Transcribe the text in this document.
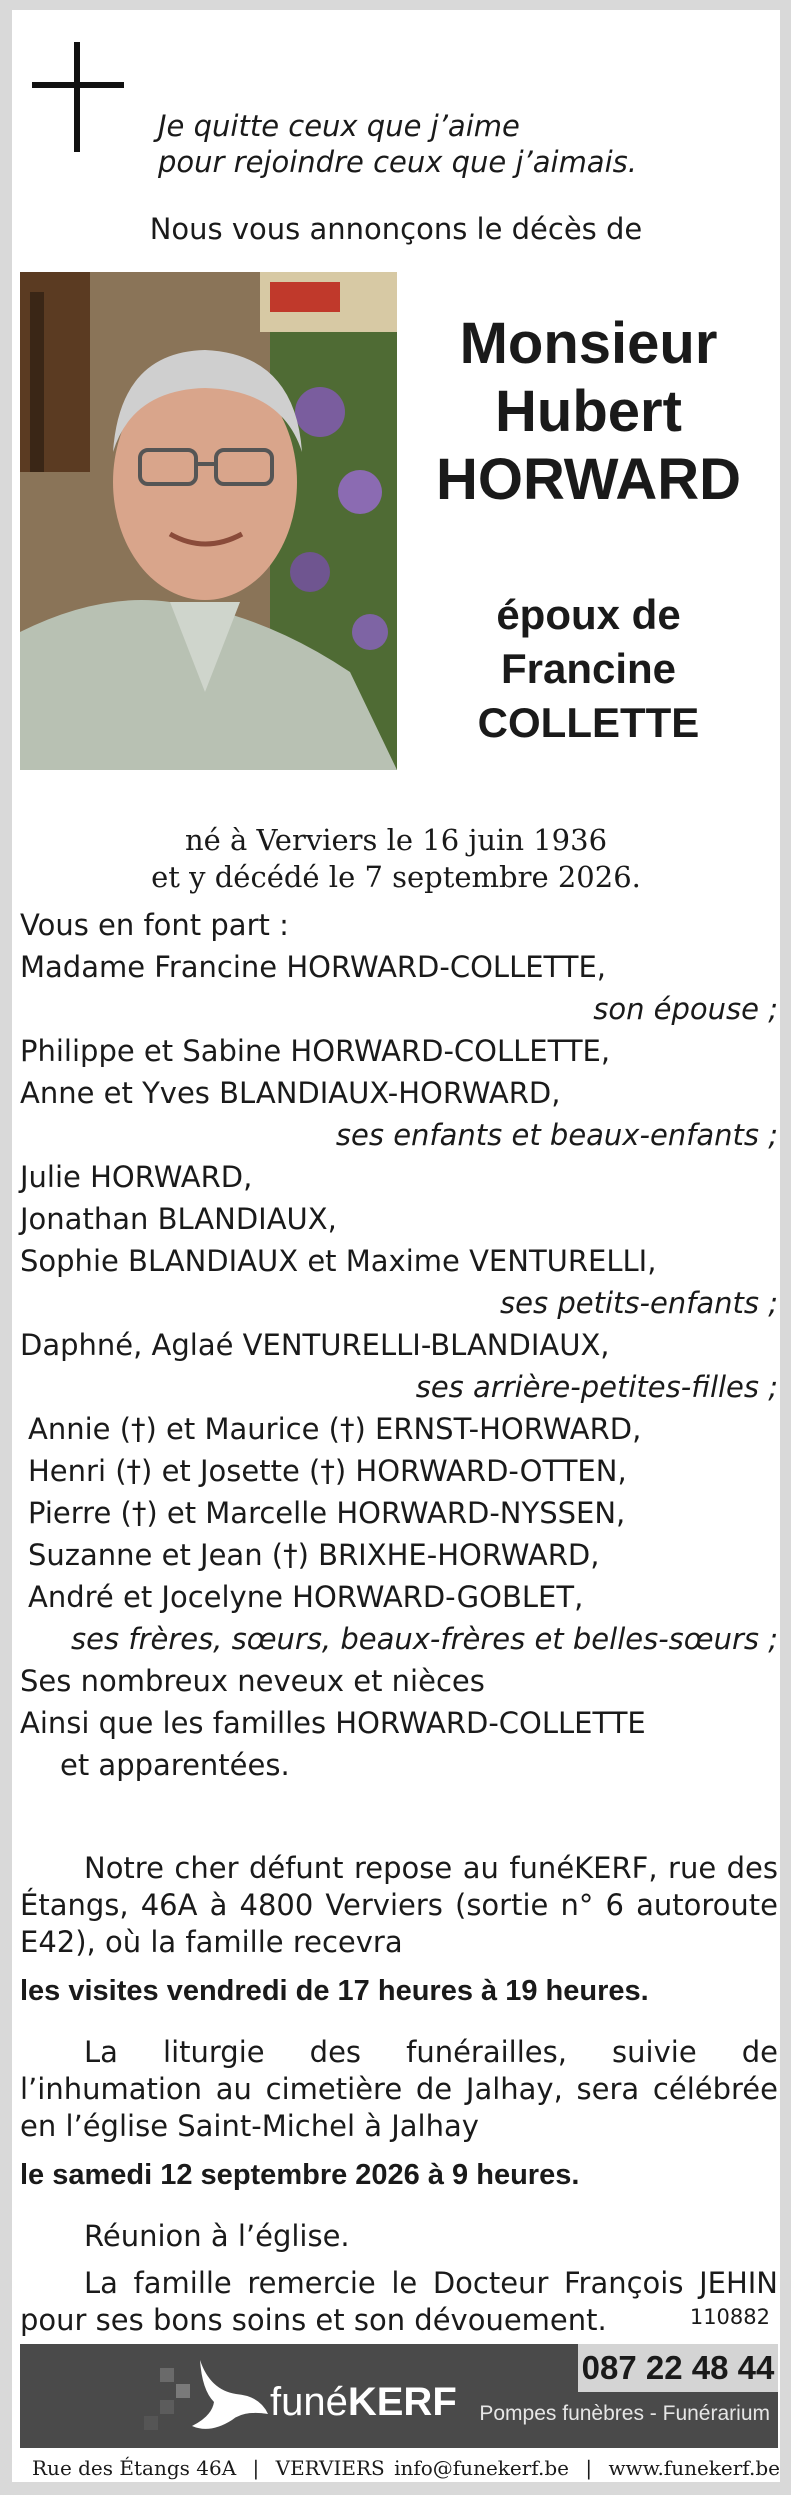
Je quitte ceux que j’aime
pour rejoindre ceux que j’aimais.
Nous vous annonçons le décès de
Monsieur
Hubert
HORWARD
époux de
Francine
COLLETTE
né à Verviers le 16 juin 1936
et y décédé le 7 septembre 2026.
Vous en font part :
Madame Francine HORWARD-COLLETTE,
son épouse ;
Philippe et Sabine HORWARD-COLLETTE,
Anne et Yves BLANDIAUX-HORWARD,
ses enfants et beaux-enfants ;
Julie HORWARD,
Jonathan BLANDIAUX,
Sophie BLANDIAUX et Maxime VENTURELLI,
ses petits-enfants ;
Daphné, Aglaé VENTURELLI-BLANDIAUX,
ses arrière-petites-filles ;
Annie (†) et Maurice (†) ERNST-HORWARD,
Henri (†) et Josette (†) HORWARD-OTTEN,
Pierre (†) et Marcelle HORWARD-NYSSEN,
Suzanne et Jean (†) BRIXHE-HORWARD,
André et Jocelyne HORWARD-GOBLET,
ses frères, sœurs, beaux-frères et belles-sœurs ;
Ses nombreux neveux et nièces
Ainsi que les familles HORWARD-COLLETTE
et apparentées.
Notre cher défunt repose au funéKERF, rue des Étangs, 46A à 4800 Verviers (sortie n° 6 autoroute E42), où la famille recevra
les visites vendredi de 17 heures à 19 heures.
La liturgie des funérailles, suivie de l’inhumation au cimetière de Jalhay, sera célébrée en l’église Saint-Michel à Jalhay
le samedi 12 septembre 2026 à 9 heures.
Réunion à l’église.
La famille remercie le Docteur François JEHIN pour ses bons soins et son dévouement.	110882
funéKERF
087 22 48 44
Pompes funèbres - Funérarium
Rue des Étangs 46A | VERVIERS info@funekerf.be | www.funekerf.be
